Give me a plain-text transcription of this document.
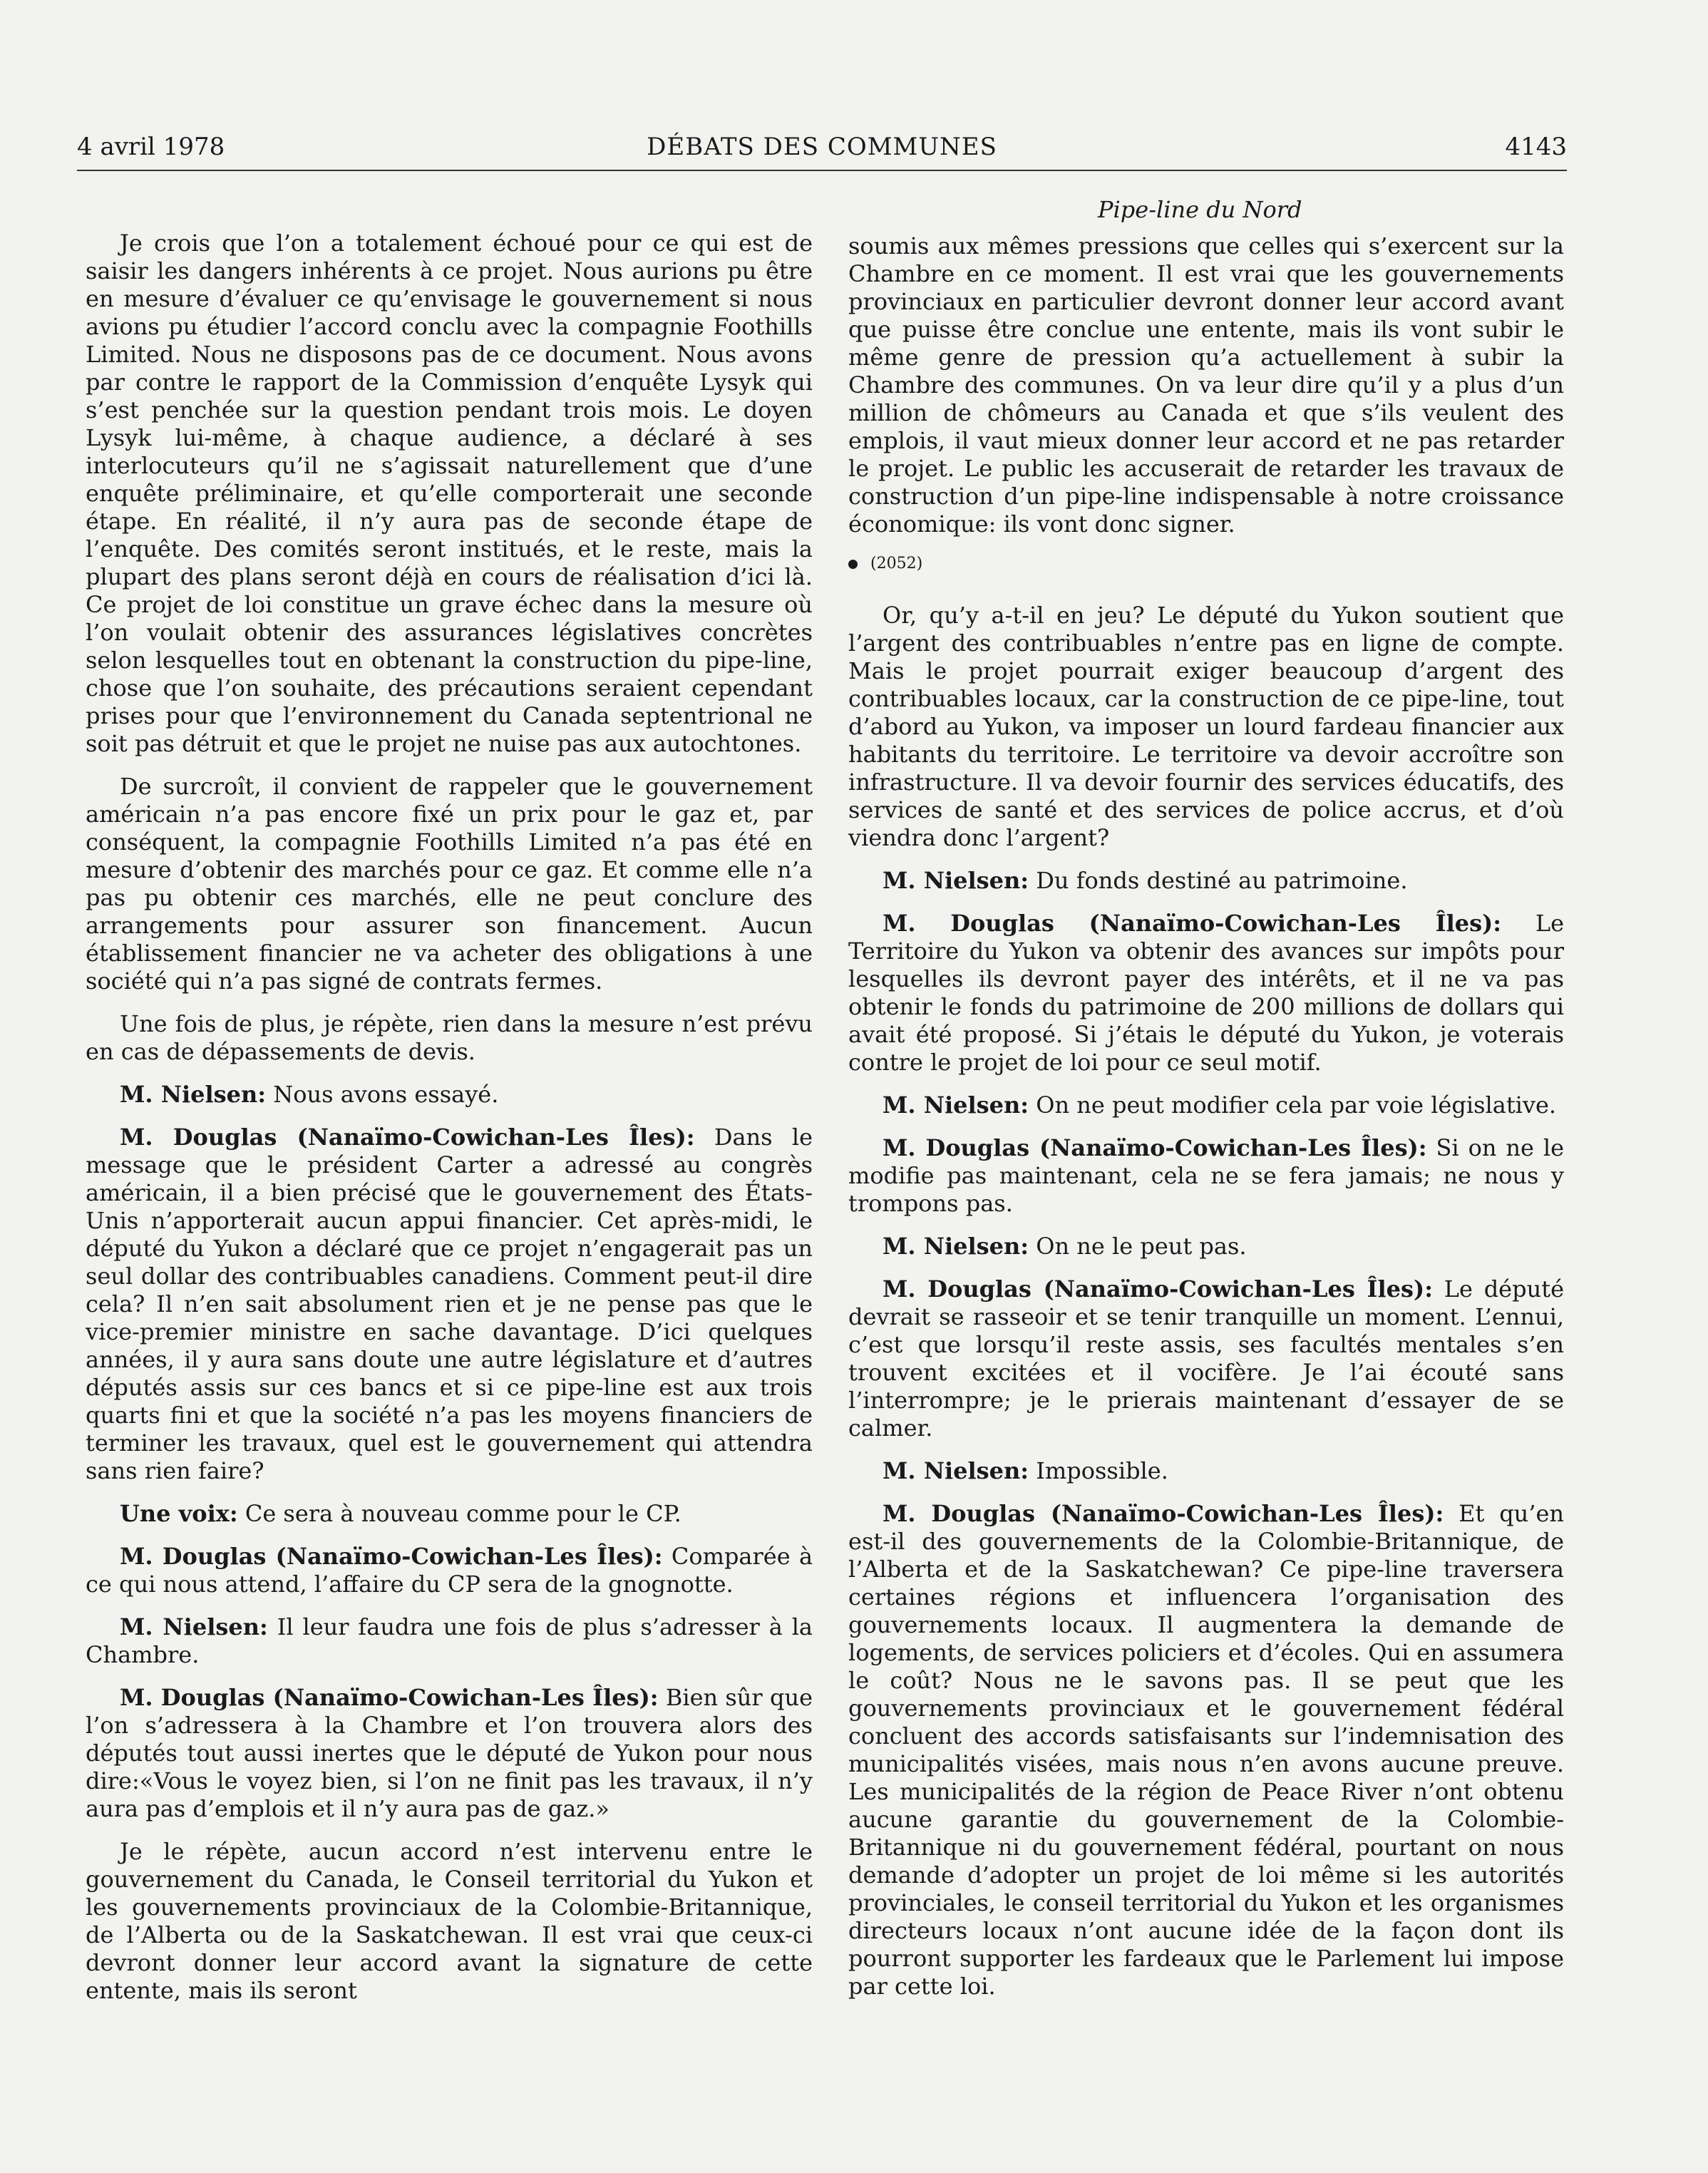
4 avril 1978	DÉBATS DES COMMUNES	4143
Pipe-line du Nord

Je crois que l’on a totalement échoué pour ce qui est de saisir les dangers inhérents à ce projet. Nous aurions pu être en mesure d’évaluer ce qu’envisage le gouvernement si nous avions pu étudier l’accord conclu avec la compagnie Foothills Limited. Nous ne disposons pas de ce document. Nous avons par contre le rapport de la Commission d’enquête Lysyk qui s’est penchée sur la question pendant trois mois. Le doyen Lysyk lui-même, à chaque audience, a déclaré à ses interlocuteurs qu’il ne s’agissait naturellement que d’une enquête préliminaire, et qu’elle comporterait une seconde étape. En réalité, il n’y aura pas de seconde étape de l’enquête. Des comités seront institués, et le reste, mais la plupart des plans seront déjà en cours de réalisation d’ici là. Ce projet de loi constitue un grave échec dans la mesure où l’on voulait obtenir des assurances législatives concrètes selon lesquelles tout en obtenant la construction du pipe-line, chose que l’on souhaite, des précautions seraient cependant prises pour que l’environnement du Canada septentrional ne soit pas détruit et que le projet ne nuise pas aux autochtones.

De surcroît, il convient de rappeler que le gouvernement américain n’a pas encore fixé un prix pour le gaz et, par conséquent, la compagnie Foothills Limited n’a pas été en mesure d’obtenir des marchés pour ce gaz. Et comme elle n’a pas pu obtenir ces marchés, elle ne peut conclure des arrangements pour assurer son financement. Aucun établissement financier ne va acheter des obligations à une société qui n’a pas signé de contrats fermes.

Une fois de plus, je répète, rien dans la mesure n’est prévu en cas de dépassements de devis.

M. Nielsen: Nous avons essayé.

M. Douglas (Nanaïmo-Cowichan-Les Îles): Dans le message que le président Carter a adressé au congrès américain, il a bien précisé que le gouvernement des États-Unis n’apporterait aucun appui financier. Cet après-midi, le député du Yukon a déclaré que ce projet n’engagerait pas un seul dollar des contribuables canadiens. Comment peut-il dire cela? Il n’en sait absolument rien et je ne pense pas que le vice-premier ministre en sache davantage. D’ici quelques années, il y aura sans doute une autre législature et d’autres députés assis sur ces bancs et si ce pipe-line est aux trois quarts fini et que la société n’a pas les moyens financiers de terminer les travaux, quel est le gouvernement qui attendra sans rien faire?

Une voix: Ce sera à nouveau comme pour le CP.

M. Douglas (Nanaïmo-Cowichan-Les Îles): Comparée à ce qui nous attend, l’affaire du CP sera de la gnognotte.

M. Nielsen: Il leur faudra une fois de plus s’adresser à la Chambre.

M. Douglas (Nanaïmo-Cowichan-Les Îles): Bien sûr que l’on s’adressera à la Chambre et l’on trouvera alors des députés tout aussi inertes que le député de Yukon pour nous dire:«Vous le voyez bien, si l’on ne finit pas les travaux, il n’y aura pas d’emplois et il n’y aura pas de gaz.»

Je le répète, aucun accord n’est intervenu entre le gouvernement du Canada, le Conseil territorial du Yukon et les gouvernements provinciaux de la Colombie-Britannique, de l’Alberta ou de la Saskatchewan. Il est vrai que ceux-ci devront donner leur accord avant la signature de cette entente, mais ils seront

soumis aux mêmes pressions que celles qui s’exercent sur la Chambre en ce moment. Il est vrai que les gouvernements provinciaux en particulier devront donner leur accord avant que puisse être conclue une entente, mais ils vont subir le même genre de pression qu’a actuellement à subir la Chambre des communes. On va leur dire qu’il y a plus d’un million de chômeurs au Canada et que s’ils veulent des emplois, il vaut mieux donner leur accord et ne pas retarder le projet. Le public les accuserait de retarder les travaux de construction d’un pipe-line indispensable à notre croissance économique: ils vont donc signer.

(2052)

Or, qu’y a-t-il en jeu? Le député du Yukon soutient que l’argent des contribuables n’entre pas en ligne de compte. Mais le projet pourrait exiger beaucoup d’argent des contribuables locaux, car la construction de ce pipe-line, tout d’abord au Yukon, va imposer un lourd fardeau financier aux habitants du territoire. Le territoire va devoir accroître son infrastructure. Il va devoir fournir des services éducatifs, des services de santé et des services de police accrus, et d’où viendra donc l’argent?

M. Nielsen: Du fonds destiné au patrimoine.

M. Douglas (Nanaïmo-Cowichan-Les Îles): Le Territoire du Yukon va obtenir des avances sur impôts pour lesquelles ils devront payer des intérêts, et il ne va pas obtenir le fonds du patrimoine de 200 millions de dollars qui avait été proposé. Si j’étais le député du Yukon, je voterais contre le projet de loi pour ce seul motif.

M. Nielsen: On ne peut modifier cela par voie législative.

M. Douglas (Nanaïmo-Cowichan-Les Îles): Si on ne le modifie pas maintenant, cela ne se fera jamais; ne nous y trompons pas.

M. Nielsen: On ne le peut pas.

M. Douglas (Nanaïmo-Cowichan-Les Îles): Le député devrait se rasseoir et se tenir tranquille un moment. L’ennui, c’est que lorsqu’il reste assis, ses facultés mentales s’en trouvent excitées et il vocifère. Je l’ai écouté sans l’interrompre; je le prierais maintenant d’essayer de se calmer.

M. Nielsen: Impossible.

M. Douglas (Nanaïmo-Cowichan-Les Îles): Et qu’en est-il des gouvernements de la Colombie-Britannique, de l’Alberta et de la Saskatchewan? Ce pipe-line traversera certaines régions et influencera l’organisation des gouvernements locaux. Il augmentera la demande de logements, de services policiers et d’écoles. Qui en assumera le coût? Nous ne le savons pas. Il se peut que les gouvernements provinciaux et le gouvernement fédéral concluent des accords satisfaisants sur l’indemnisation des municipalités visées, mais nous n’en avons aucune preuve. Les municipalités de la région de Peace River n’ont obtenu aucune garantie du gouvernement de la Colombie-Britannique ni du gouvernement fédéral, pourtant on nous demande d’adopter un projet de loi même si les autorités provinciales, le conseil territorial du Yukon et les organismes directeurs locaux n’ont aucune idée de la façon dont ils pourront supporter les fardeaux que le Parlement lui impose par cette loi.
